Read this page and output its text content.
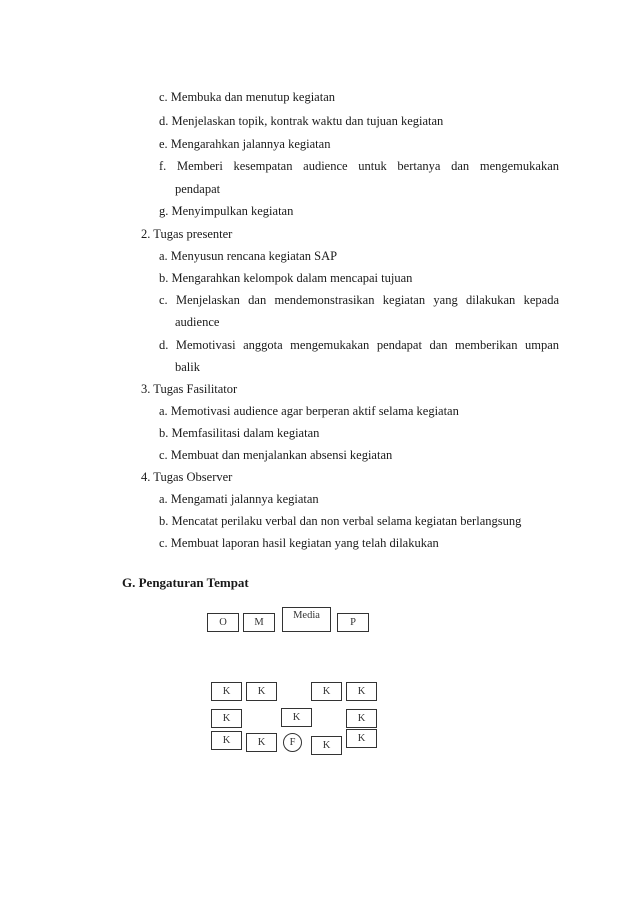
c. Membuka dan menutup kegiatan
d. Menjelaskan topik, kontrak waktu dan tujuan kegiatan
e. Mengarahkan jalannya kegiatan
f. Memberi kesempatan audience untuk bertanya dan mengemukakan
pendapat
g. Menyimpulkan kegiatan
2. Tugas presenter
a. Menyusun rencana kegiatan SAP
b. Mengarahkan kelompok dalam mencapai tujuan
c. Menjelaskan dan mendemonstrasikan kegiatan yang dilakukan kepada
audience
d. Memotivasi anggota mengemukakan pendapat dan memberikan umpan
balik
3. Tugas Fasilitator
a. Memotivasi audience agar berperan aktif selama kegiatan
b. Memfasilitasi dalam kegiatan
c. Membuat dan menjalankan absensi kegiatan
4. Tugas Observer
a. Mengamati jalannya kegiatan
b. Mencatat perilaku verbal dan non verbal selama kegiatan berlangsung
c. Membuat laporan hasil kegiatan yang telah dilakukan
G. Pengaturan Tempat
O	M
Media
P
K	K	K	K
K	K	K
K	K	F	K
K
